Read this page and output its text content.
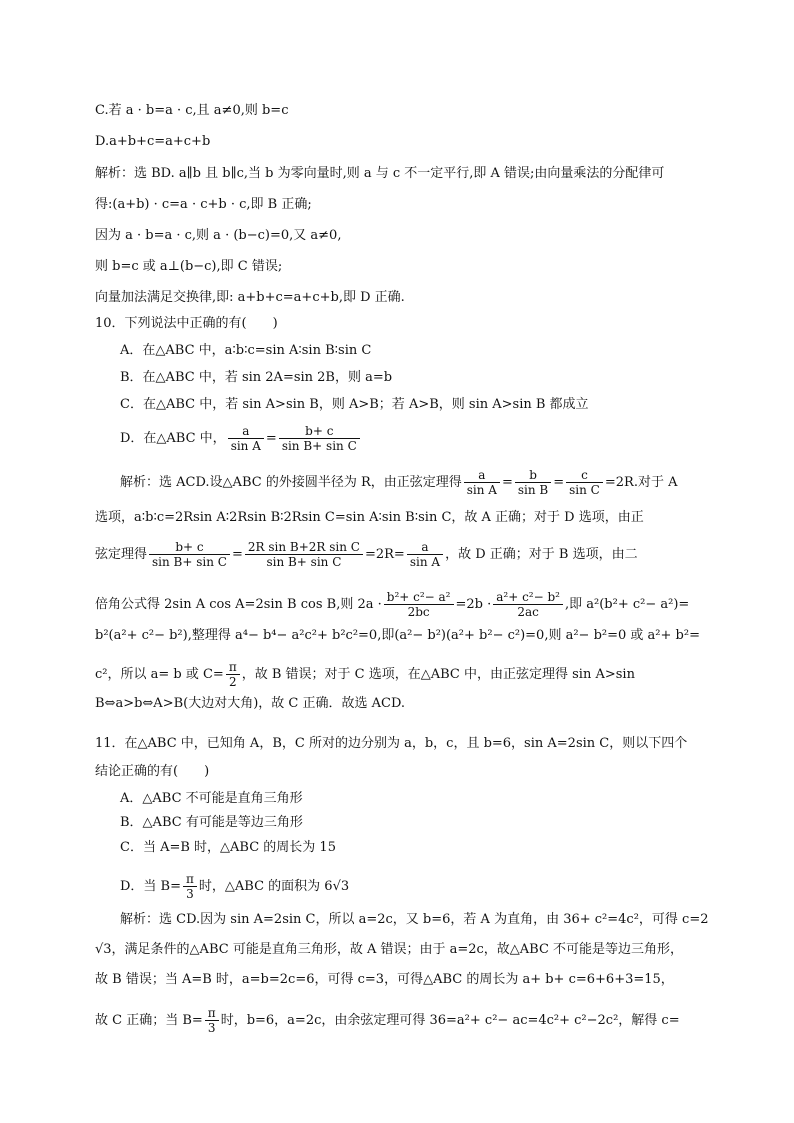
C.若 a · b=a · c,且 a≠0,则 b=c
D.a+b+c=a+c+b
解析：选 BD. a∥b 且 b∥c,当 b 为零向量时,则 a 与 c 不一定平行,即 A 错误;由向量乘法的分配律可
得:(a+b) · c=a · c+b · c,即 B 正确;
因为 a · b=a · c,则 a · (b−c)=0,又 a≠0,
则 b=c 或 a⊥(b−c),即 C 错误;
向量加法满足交换律,即: a+b+c=a+c+b,即 D 正确.
10．下列说法中正确的有(　　)
A．在△ABC 中，a∶b∶c=sin A∶sin B∶sin C
B．在△ABC 中，若 sin 2A=sin 2B，则 a=b
C．在△ABC 中，若 sin A>sin B，则 A>B；若 A>B，则 sin A>sin B 都成立
D．在△ABC 中， $\frac{a}{\text{sin A}} = \frac{b+ c}{\text{sin B+ sin C}}$
解析：选 ACD.设△ABC 的外接圆半径为 R，由正弦定理得 $\frac{a}{\text{sin A}} = \frac{b}{\text{sin B}} = \frac{c}{\text{sin C}} =2R$.对于 A
选项，a∶b∶c=2Rsin A∶2Rsin B∶2Rsin C=sin A∶sin B∶sin C，故 A 正确；对于 D 选项，由正
弦定理得 $\frac{b+ c}{\text{sin B+ sin C}} = \frac{\text{2R sin B+2R sin C}}{\text{sin B+ sin C}} =2R= \frac{a}{\text{sin A}}$ ，故 D 正确；对于 B 选项，由二
倍角公式得 2sin A cos A=2sin B cos B,则 $2a \cdot \frac{\text{b²+ c²− a²}}{2bc} =2b \cdot \frac{\text{a²+ c²− b²}}{2ac}$ ,即 a²(b²+ c²− a²)=
b²(a²+ c²− b²),整理得 a⁴− b⁴− a²c²+ b²c²=0,即(a²− b²)(a²+ b²− c²)=0,则 a²− b²=0 或 a²+ b²=
c²，所以 a= b 或 $C= \frac{\pi}{2}$ ，故 B 错误；对于 C 选项，在△ABC 中，由正弦定理得 sin A>sin
B⇔a>b⇔A>B(大边对大角)，故 C 正确．故选 ACD.
11．在△ABC 中，已知角 A，B，C 所对的边分别为 a，b，c，且 b=6，sin A=2sin C，则以下四个
结论正确的有(　　)
A．△ABC 不可能是直角三角形
B．△ABC 有可能是等边三角形
C．当 A=B 时，△ABC 的周长为 15
D．当 $B= \frac{\pi}{3}$ 时，△ABC 的面积为 6√3
解析：选 CD.因为 sin A=2sin C，所以 a=2c，又 b=6，若 A 为直角，由 36+ c²=4c²，可得 c=2
√3，满足条件的△ABC 可能是直角三角形，故 A 错误；由于 a=2c，故△ABC 不可能是等边三角形，
故 B 错误；当 A=B 时，a=b=2c=6，可得 c=3，可得△ABC 的周长为 a+ b+ c=6+6+3=15，
故 C 正确；当 $B= \frac{\pi}{3}$ 时，b=6，a=2c，由余弦定理可得 36=a²+ c²− ac=4c²+ c²−2c²，解得 c=
